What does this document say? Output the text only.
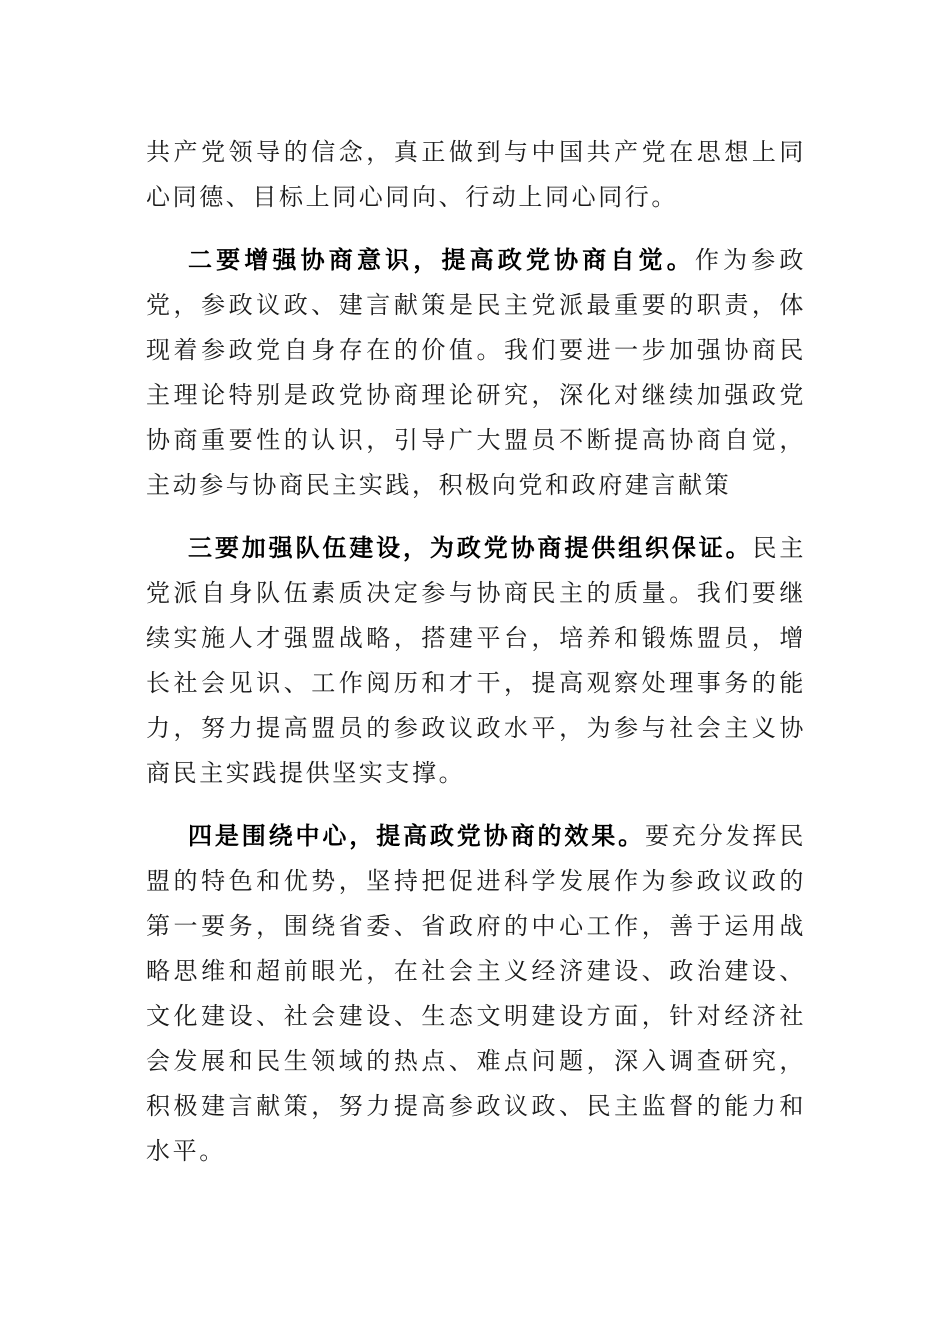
共产党领导的信念，真正做到与中国共产党在思想上同心同德、目标上同心同向、行动上同心同行。

二要增强协商意识，提高政党协商自觉。作为参政党，参政议政、建言献策是民主党派最重要的职责，体现着参政党自身存在的价值。我们要进一步加强协商民主理论特别是政党协商理论研究，深化对继续加强政党协商重要性的认识，引导广大盟员不断提高协商自觉，主动参与协商民主实践，积极向党和政府建言献策

三要加强队伍建设，为政党协商提供组织保证。民主党派自身队伍素质决定参与协商民主的质量。我们要继续实施人才强盟战略，搭建平台，培养和锻炼盟员，增长社会见识、工作阅历和才干，提高观察处理事务的能力，努力提高盟员的参政议政水平，为参与社会主义协商民主实践提供坚实支撑。

四是围绕中心，提高政党协商的效果。要充分发挥民盟的特色和优势，坚持把促进科学发展作为参政议政的第一要务，围绕省委、省政府的中心工作，善于运用战略思维和超前眼光，在社会主义经济建设、政治建设、文化建设、社会建设、生态文明建设方面，针对经济社会发展和民生领域的热点、难点问题，深入调查研究，积极建言献策，努力提高参政议政、民主监督的能力和水平。
